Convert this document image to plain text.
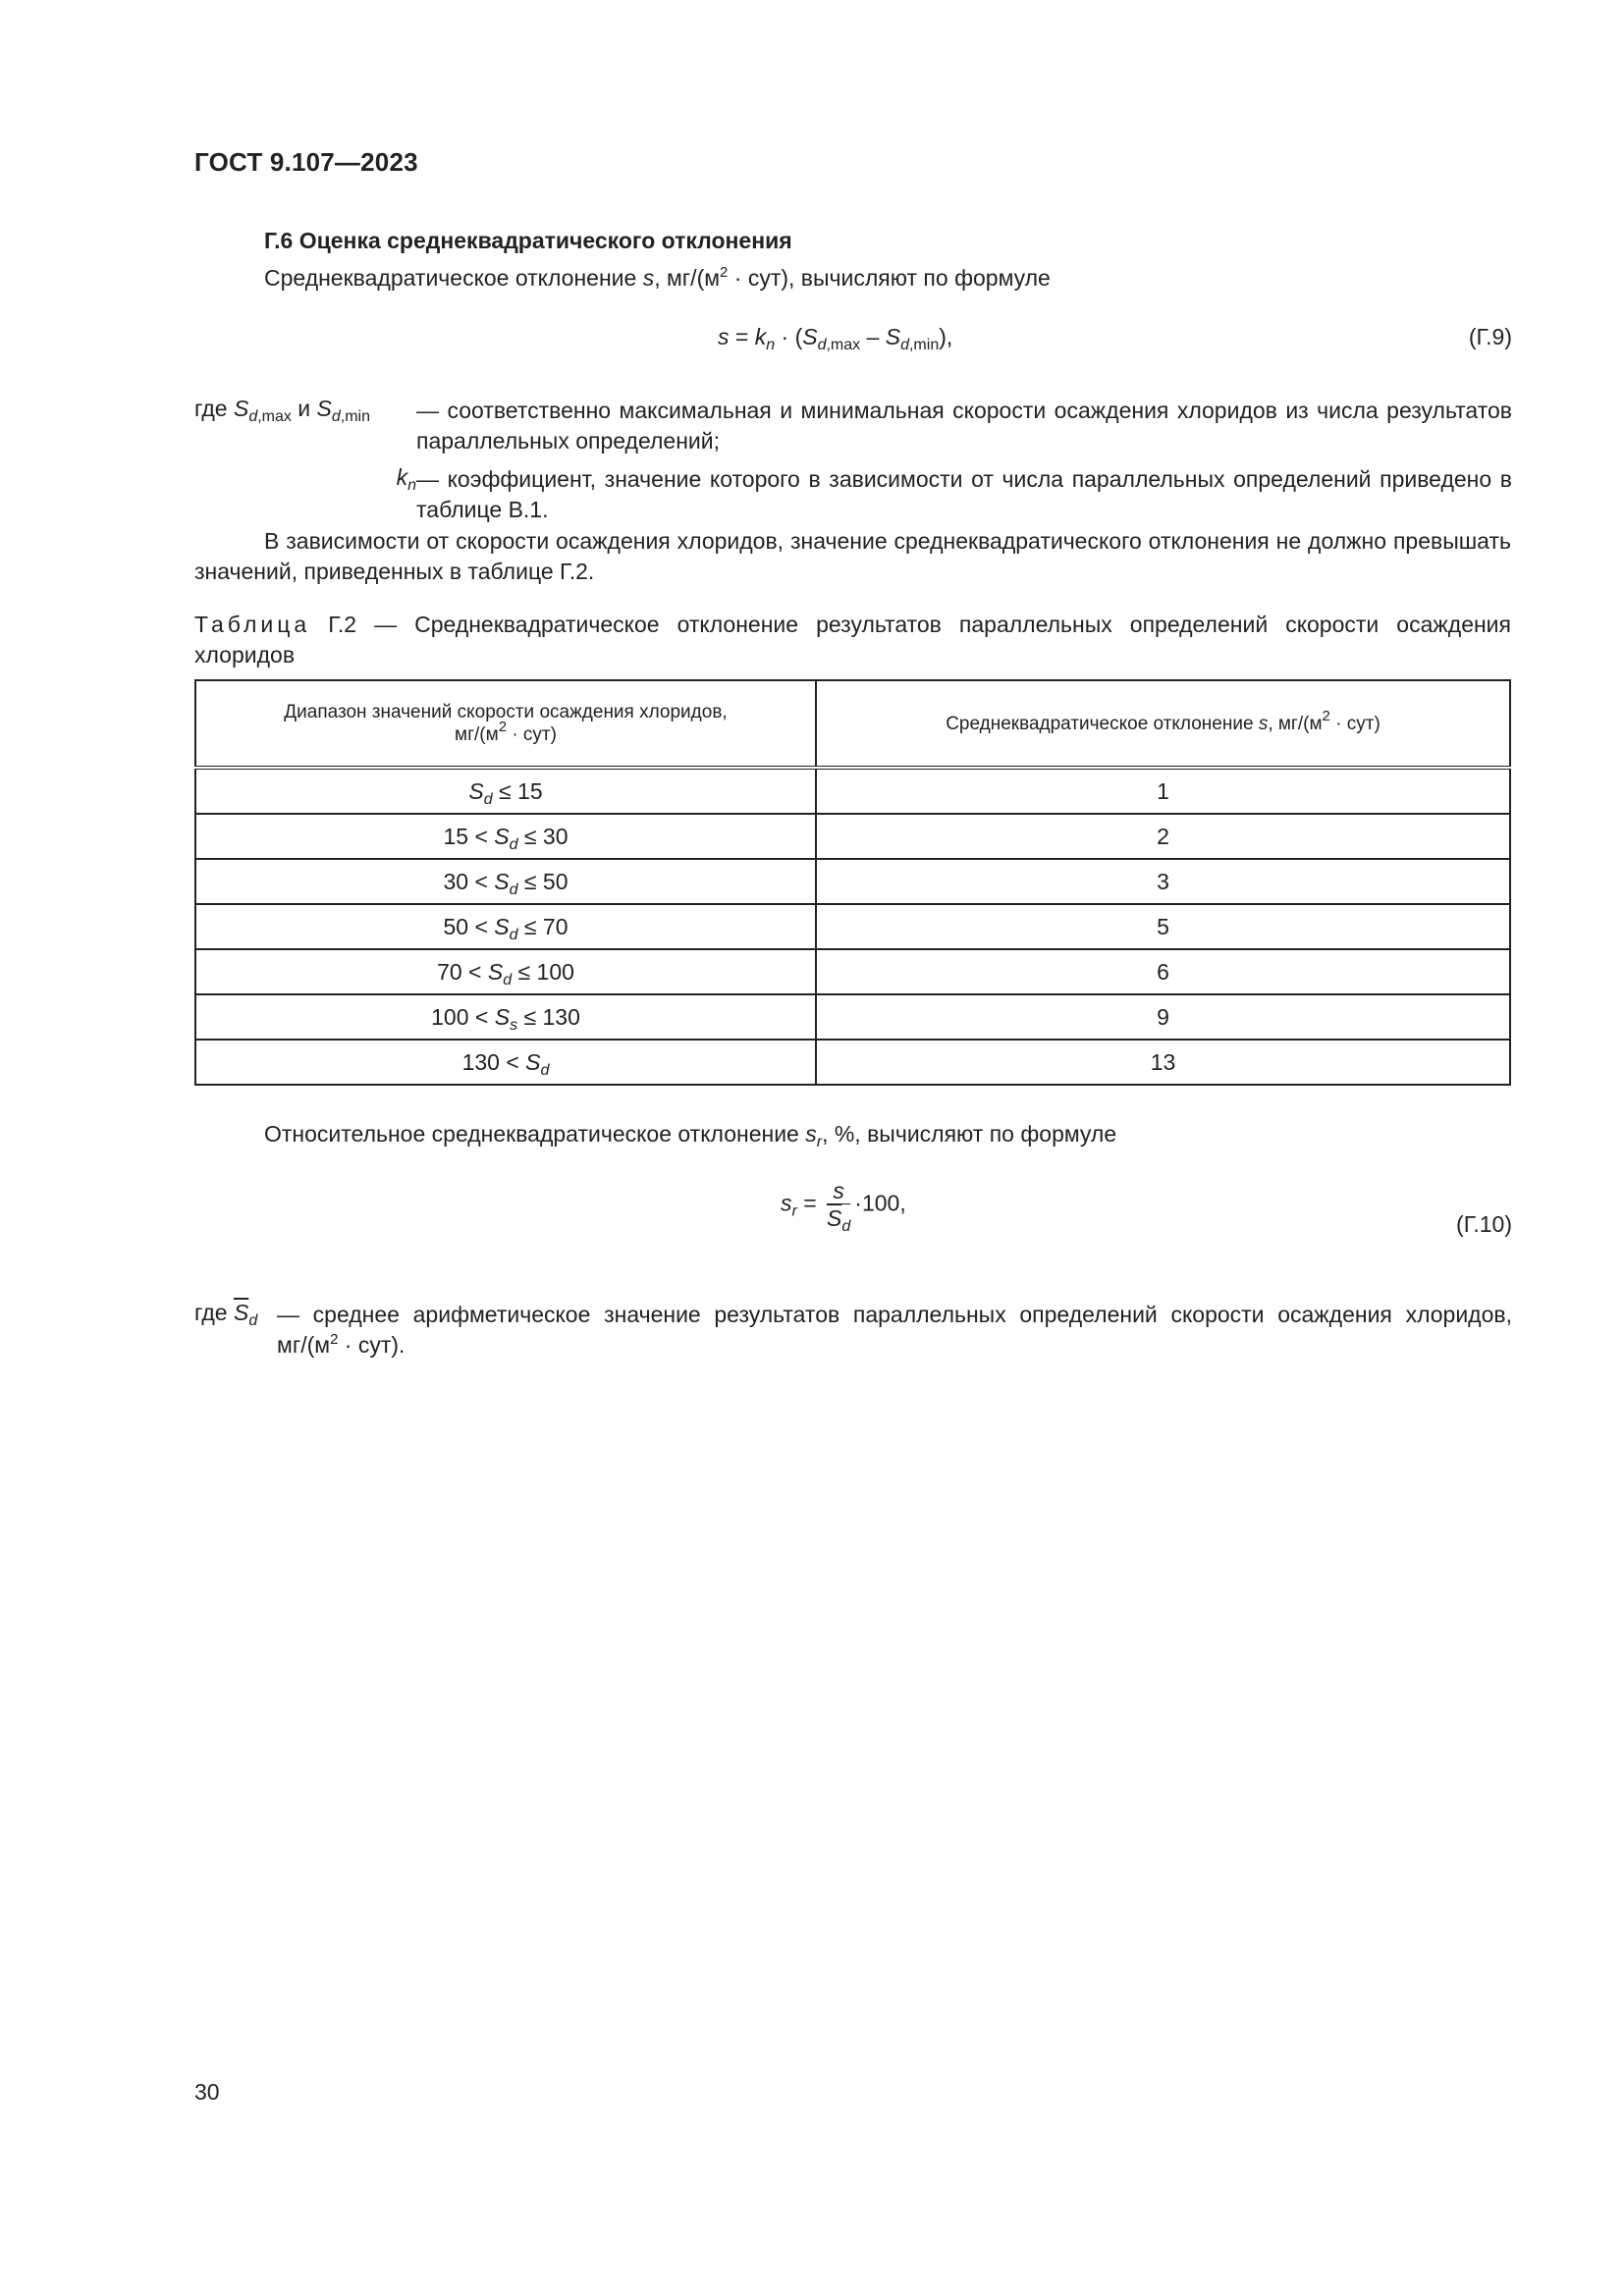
ГОСТ 9.107—2023
Г.6 Оценка среднеквадратического отклонения
Среднеквадратическое отклонение s, $мг/(м^2 \cdot сут)$, вычисляют по формуле
$s = k_n \cdot (S_{d,max} - S_{d,min})$,	(Г.9)
где $S_{d,max}$ и $S_{d,min}$	— соответственно максимальная и минимальная скорости осаждения хлоридов из числа результатов параллельных определений;
$k_n$ — коэффициент, значение которого в зависимости от числа параллельных определений приведено в таблице В.1.
В зависимости от скорости осаждения хлоридов, значение среднеквадратического отклонения не должно превышать значений, приведенных в таблице Г.2.
Таблица Г.2 — Среднеквадратическое отклонение результатов параллельных определений скорости осаждения хлоридов
Диапазон значений скорости осаждения хлоридов,
$мг/(м^2 \cdot сут)$	Среднеквадратическое отклонение s, $мг/(м^2 \cdot сут)$
$S_d \le 15$	1
$15 < S_d \le 30$	2
$30 < S_d \le 50$	3
$50 < S_d \le 70$	5
$70 < S_d \le 100$	6
$100 < S_s \le 130$	9
$130 < S_d$	13
Относительное среднеквадратическое отклонение $s_r$, %, вычисляют по формуле
$s_r = \frac{s}{\overline{S}_d} \cdot 100$,
(Г.10)
где $\overline{S}_d$ — среднее арифметическое значение результатов параллельных определений скорости осаждения хлоридов, $мг/(м^2 \cdot сут)$.
30
